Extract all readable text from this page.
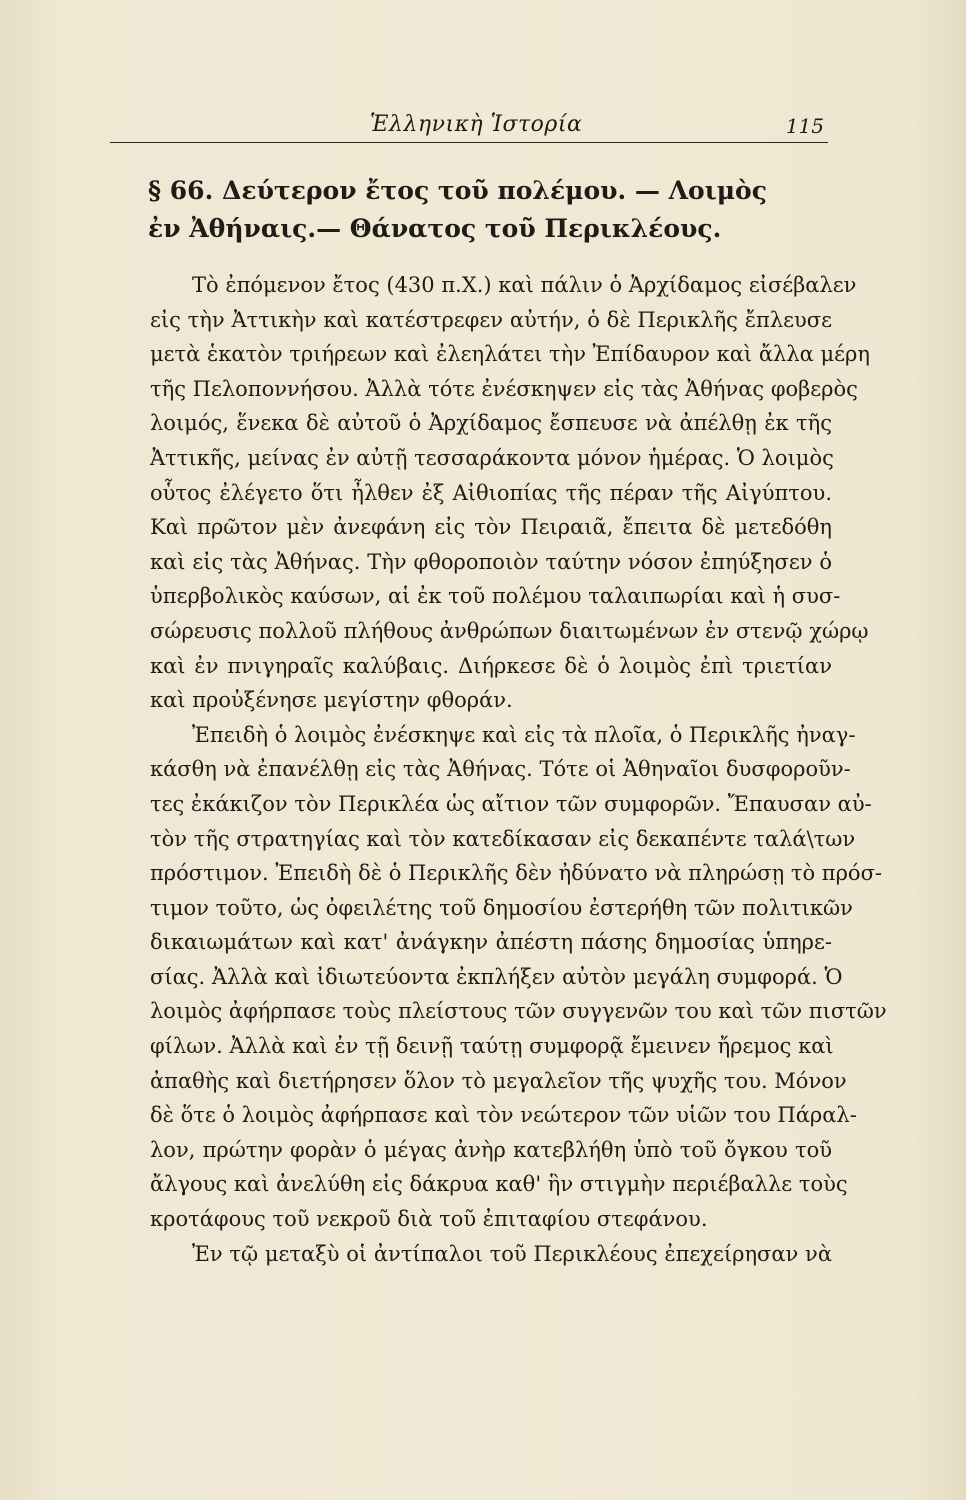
Ἑλληνικὴ Ἱστορία	115
§ 66. Δεύτερον ἔτος τοῦ πολέμου. — Λοιμὸς
ἐν Ἀθήναις.— Θάνατος τοῦ Περικλέους.
Τὸ ἐπόμενον ἔτος (430 π.Χ.) καὶ πάλιν ὁ Ἀρχίδαμος εἰσέβαλεν
εἰς τὴν Ἀττικὴν καὶ κατέστρεφεν αὐτήν, ὁ δὲ Περικλῆς ἔπλευσε
μετὰ ἑκατὸν τριήρεων καὶ ἐλεηλάτει τὴν Ἐπίδαυρον καὶ ἄλλα μέρη
τῆς Πελοποννήσου. Ἀλλὰ τότε ἐνέσκηψεν εἰς τὰς Ἀθήνας φοβερὸς
λοιμός, ἕνεκα δὲ αὐτοῦ ὁ Ἀρχίδαμος ἔσπευσε νὰ ἀπέλθῃ ἐκ τῆς
Ἀττικῆς, μείνας ἐν αὐτῇ τεσσαράκοντα μόνον ἡμέρας. Ὁ λοιμὸς
οὗτος ἐλέγετο ὅτι ἦλθεν ἐξ Αἰθιοπίας τῆς πέραν τῆς Αἰγύπτου.
Καὶ πρῶτον μὲν ἀνεφάνη εἰς τὸν Πειραιᾶ, ἔπειτα δὲ μετεδόθη
καὶ εἰς τὰς Ἀθήνας. Τὴν φθοροποιὸν ταύτην νόσον ἐπηύξησεν ὁ
ὑπερβολικὸς καύσων, αἱ ἐκ τοῦ πολέμου ταλαιπωρίαι καὶ ἡ συσ-
σώρευσις πολλοῦ πλήθους ἀνθρώπων διαιτωμένων ἐν στενῷ χώρῳ
καὶ ἐν πνιγηραῖς καλύβαις. Διήρκεσε δὲ ὁ λοιμὸς ἐπὶ τριετίαν
καὶ προὐξένησε μεγίστην φθοράν.
Ἐπειδὴ ὁ λοιμὸς ἐνέσκηψε καὶ εἰς τὰ πλοῖα, ὁ Περικλῆς ἠναγ-
κάσθη νὰ ἐπανέλθῃ εἰς τὰς Ἀθήνας. Τότε οἱ Ἀθηναῖοι δυσφοροῦν-
τες ἐκάκιζον τὸν Περικλέα ὡς αἴτιον τῶν συμφορῶν. Ἔπαυσαν αὐ-
τὸν τῆς στρατηγίας καὶ τὸν κατεδίκασαν εἰς δεκαπέντε ταλά\των
πρόστιμον. Ἐπειδὴ δὲ ὁ Περικλῆς δὲν ἠδύνατο νὰ πληρώσῃ τὸ πρόσ-
τιμον τοῦτο, ὡς ὀφειλέτης τοῦ δημοσίου ἐστερήθη τῶν πολιτικῶν
δικαιωμάτων καὶ κατ' ἀνάγκην ἀπέστη πάσης δημοσίας ὑπηρε-
σίας. Ἀλλὰ καὶ ἰδιωτεύοντα ἐκπλήξεν αὐτὸν μεγάλη συμφορά. Ὁ
λοιμὸς ἀφήρπασε τοὺς πλείστους τῶν συγγενῶν του καὶ τῶν πιστῶν
φίλων. Ἀλλὰ καὶ ἐν τῇ δεινῇ ταύτῃ συμφορᾷ ἔμεινεν ἤρεμος καὶ
ἀπαθὴς καὶ διετήρησεν ὅλον τὸ μεγαλεῖον τῆς ψυχῆς του. Μόνον
δὲ ὅτε ὁ λοιμὸς ἀφήρπασε καὶ τὸν νεώτερον τῶν υἱῶν του Πάραλ-
λον, πρώτην φορὰν ὁ μέγας ἀνὴρ κατεβλήθη ὑπὸ τοῦ ὄγκου τοῦ
ἄλγους καὶ ἀνελύθη εἰς δάκρυα καθ' ἣν στιγμὴν περιέβαλλε τοὺς
κροτάφους τοῦ νεκροῦ διὰ τοῦ ἐπιταφίου στεφάνου.
Ἐν τῷ μεταξὺ οἱ ἀντίπαλοι τοῦ Περικλέους ἐπεχείρησαν νὰ
